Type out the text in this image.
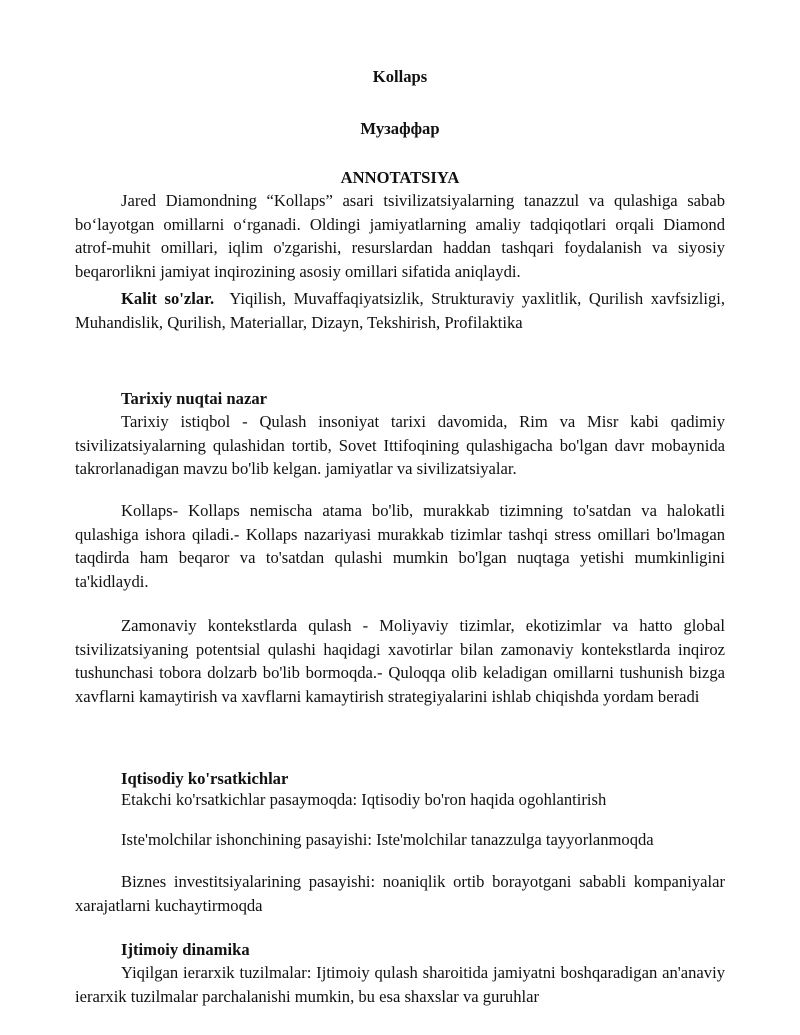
Kollaps
Музаффар
ANNOTATSIYA

Jared Diamondning “Kollaps” asari tsivilizatsiyalarning tanazzul va qulashiga sabab bo‘layotgan omillarni o‘rganadi. Oldingi jamiyatlarning amaliy tadqiqotlari orqali Diamond atrof-muhit omillari, iqlim o'zgarishi, resurslardan haddan tashqari foydalanish va siyosiy beqarorlikni jamiyat inqirozining asosiy omillari sifatida aniqlaydi.

Kalit so'zlar. Yiqilish, Muvaffaqiyatsizlik, Strukturaviy yaxlitlik, Qurilish xavfsizligi, Muhandislik, Qurilish, Materiallar, Dizayn, Tekshirish, Profilaktika

Tarixiy nuqtai nazar

Tarixiy istiqbol - Qulash insoniyat tarixi davomida, Rim va Misr kabi qadimiy tsivilizatsiyalarning qulashidan tortib, Sovet Ittifoqining qulashigacha bo'lgan davr mobaynida takrorlanadigan mavzu bo'lib kelgan. jamiyatlar va sivilizatsiyalar.

Kollaps- Kollaps nemischa atama bo'lib, murakkab tizimning to'satdan va halokatli qulashiga ishora qiladi.- Kollaps nazariyasi murakkab tizimlar tashqi stress omillari bo'lmagan taqdirda ham beqaror va to'satdan qulashi mumkin bo'lgan nuqtaga yetishi mumkinligini ta'kidlaydi.

Zamonaviy kontekstlarda qulash - Moliyaviy tizimlar, ekotizimlar va hatto global tsivilizatsiyaning potentsial qulashi haqidagi xavotirlar bilan zamonaviy kontekstlarda inqiroz tushunchasi tobora dolzarb bo'lib bormoqda.- Quloqqa olib keladigan omillarni tushunish bizga xavflarni kamaytirish va xavflarni kamaytirish strategiyalarini ishlab chiqishda yordam beradi

Iqtisodiy ko'rsatkichlar

Etakchi ko'rsatkichlar pasaymoqda: Iqtisodiy bo'ron haqida ogohlantirish

Iste'molchilar ishonchining pasayishi: Iste'molchilar tanazzulga tayyorlanmoqda

Biznes investitsiyalarining pasayishi: noaniqlik ortib borayotgani sababli kompaniyalar xarajatlarni kuchaytirmoqda

Ijtimoiy dinamika

Yiqilgan ierarxik tuzilmalar: Ijtimoiy qulash sharoitida jamiyatni boshqaradigan an'anaviy ierarxik tuzilmalar parchalanishi mumkin, bu esa shaxslar va guruhlar
